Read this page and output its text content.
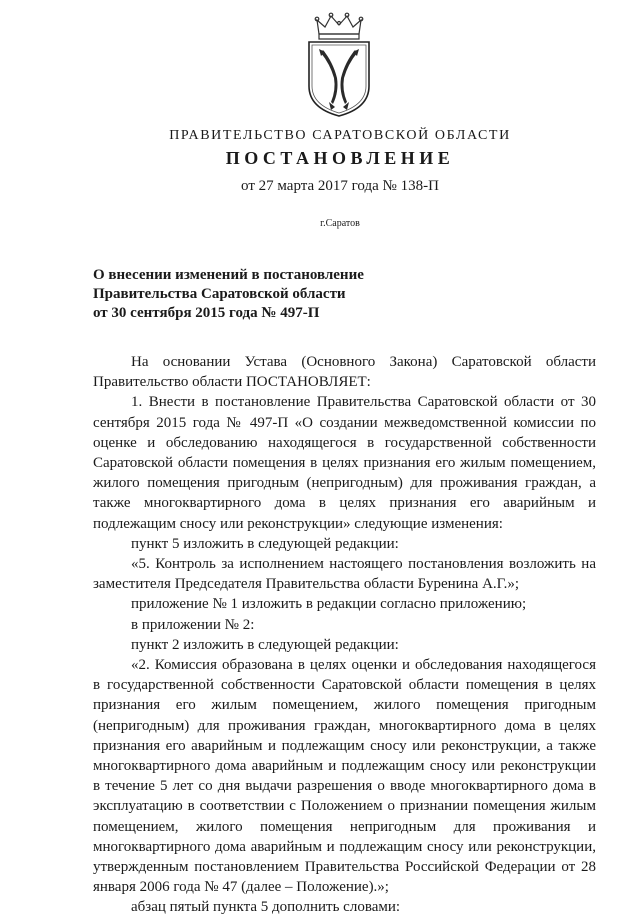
ПРАВИТЕЛЬСТВО САРАТОВСКОЙ ОБЛАСТИ
ПОСТАНОВЛЕНИЕ
от 27 марта 2017 года № 138-П
г.Саратов
О внесении изменений в постановление
Правительства Саратовской области
от 30 сентября 2015 года № 497-П

На основании Устава (Основного Закона) Саратовской области Правительство области ПОСТАНОВЛЯЕТ:

1. Внести в постановление Правительства Саратовской области от 30 сентября 2015 года № 497-П «О создании межведомственной комиссии по оценке и обследованию находящегося в государственной собственности Саратовской области помещения в целях признания его жилым помещением, жилого помещения пригодным (непригодным) для проживания граждан, а также многоквартирного дома в целях признания его аварийным и подлежащим сносу или реконструкции» следующие изменения:

пункт 5 изложить в следующей редакции:

«5. Контроль за исполнением настоящего постановления возложить на заместителя Председателя Правительства области Буренина А.Г.»;

приложение № 1 изложить в редакции согласно приложению;

в приложении № 2:

пункт 2 изложить в следующей редакции:

«2. Комиссия образована в целях оценки и обследования находящегося в государственной собственности Саратовской области помещения в целях признания его жилым помещением, жилого помещения пригодным (непригодным) для проживания граждан, многоквартирного дома в целях признания его аварийным и подлежащим сносу или реконструкции, а также многоквартирного дома аварийным и подлежащим сносу или реконструкции в течение 5 лет со дня выдачи разрешения о вводе многоквартирного дома в эксплуатацию в соответствии с Положением о признании помещения жилым помещением, жилого помещения непригодным для проживания и многоквартирного дома аварийным и подлежащим сносу или реконструкции, утвержденным постановлением Правительства Российской Федерации от 28 января 2006 года № 47 (далее – Положение).»;

абзац пятый пункта 5 дополнить словами:
